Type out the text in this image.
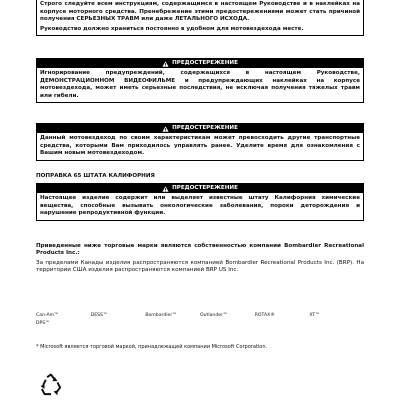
Строго следуйте всем инструкциям, содержащимся в настоящем Руководстве и в наклейках на корпусе моторного средства. Пренебрежение этими предостережениями может стать причиной получения СЕРЬЕЗНЫХ ТРАВМ или даже ЛЕТАЛЬНОГО ИСХОДА.

Руководство должно храниться постоянно в удобном для мотовездехода месте.

ПРЕДОСТЕРЕЖЕНИЕ

Игнорирование предупреждений, содержащихся в настоящем Руководстве, ДЕМОНСТРАЦИОННОМ ВИДЕОФИЛЬМЕ и предупреждающих наклейках на корпусе мотовездехода, может иметь серьезные последствия, не исключая получения тяжелых травм или гибели.

ПРЕДОСТЕРЕЖЕНИЕ

Данный мотовездеход по своим характеристикам может превосходить другие транспортные средства, которыми Вам приходилось управлять ранее. Уделите время для ознакомления с Вашим новым мотовездеходом.

ПОПРАВКА 65 ШТАТА КАЛИФОРНИЯ

ПРЕДОСТЕРЕЖЕНИЕ

Настоящее изделие содержит или выделяет известные штату Калифорния химические вещества, способные вызывать онкологические заболевания, пороки деторождения и нарушение репродуктивной функции.

Приведенные ниже торговые марки являются собственностью компании Bombardier Recreational Products Inc.:

За пределами Канады изделия распространяются компанией Bombardier Recreational Products Inc. (BRP). На территории США изделия распространяются компанией BRP US Inc.

Can-Am™	DESS™	Bombardier™	Outlander™	ROTAX®	XT™
DPS™

* Microsoft является торговой маркой, принадлежащей компании Microsoft Corporation.
